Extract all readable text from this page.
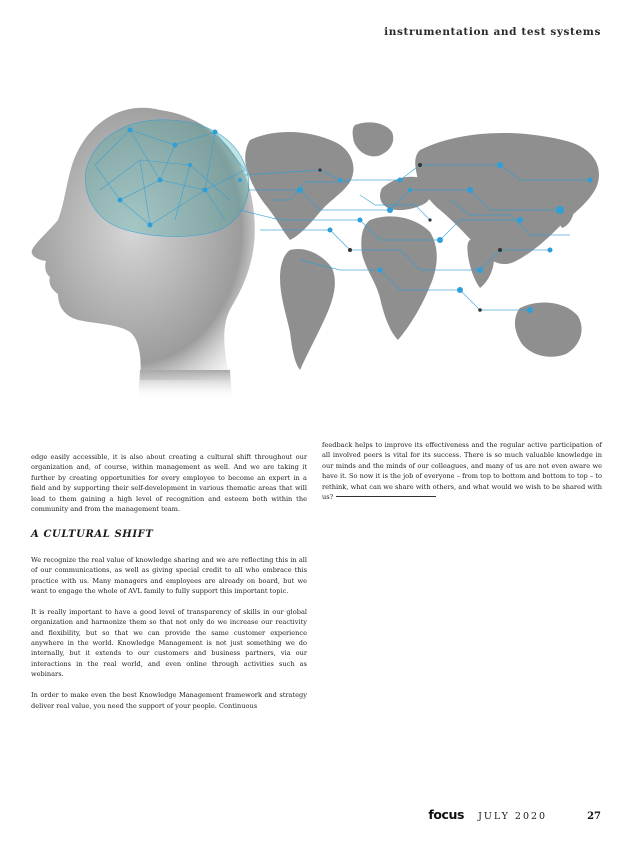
instrumentation and test systems

edge easily accessible, it is also about creating a cultural shift throughout our organization and, of course, within management as well. And we are taking it further by creating opportunities for every employee to become an expert in a field and by supporting their self-development in various thematic areas that will lead to them gaining a high level of recognition and esteem both within the community and from the management team.

A CULTURAL SHIFT

We recognize the real value of knowledge sharing and we are reflecting this in all of our communications, as well as giving special credit to all who embrace this practice with us. Many managers and employees are already on board, but we want to engage the whole of AVL family to fully support this important topic.

It is really important to have a good level of transparency of skills in our global organization and harmonize them so that not only do we increase our reactivity and flexibility, but so that we can provide the same customer experience anywhere in the world. Knowledge Management is not just something we do internally, but it extends to our customers and business partners, via our interactions in the real world, and even online through activities such as webinars.

In order to make even the best Knowledge Management framework and strategy deliver real value, you need the support of your people. Continuous

feedback helps to improve its effectiveness and the regular active participation of all involved peers is vital for its success. There is so much valuable knowledge in our minds and the minds of our colleagues, and many of us are not even aware we have it. So now it is the job of everyone – from top to bottom and bottom to top – to rethink, what can we share with others, and what would we wish to be shared with us?

focus JULY 2020	27
